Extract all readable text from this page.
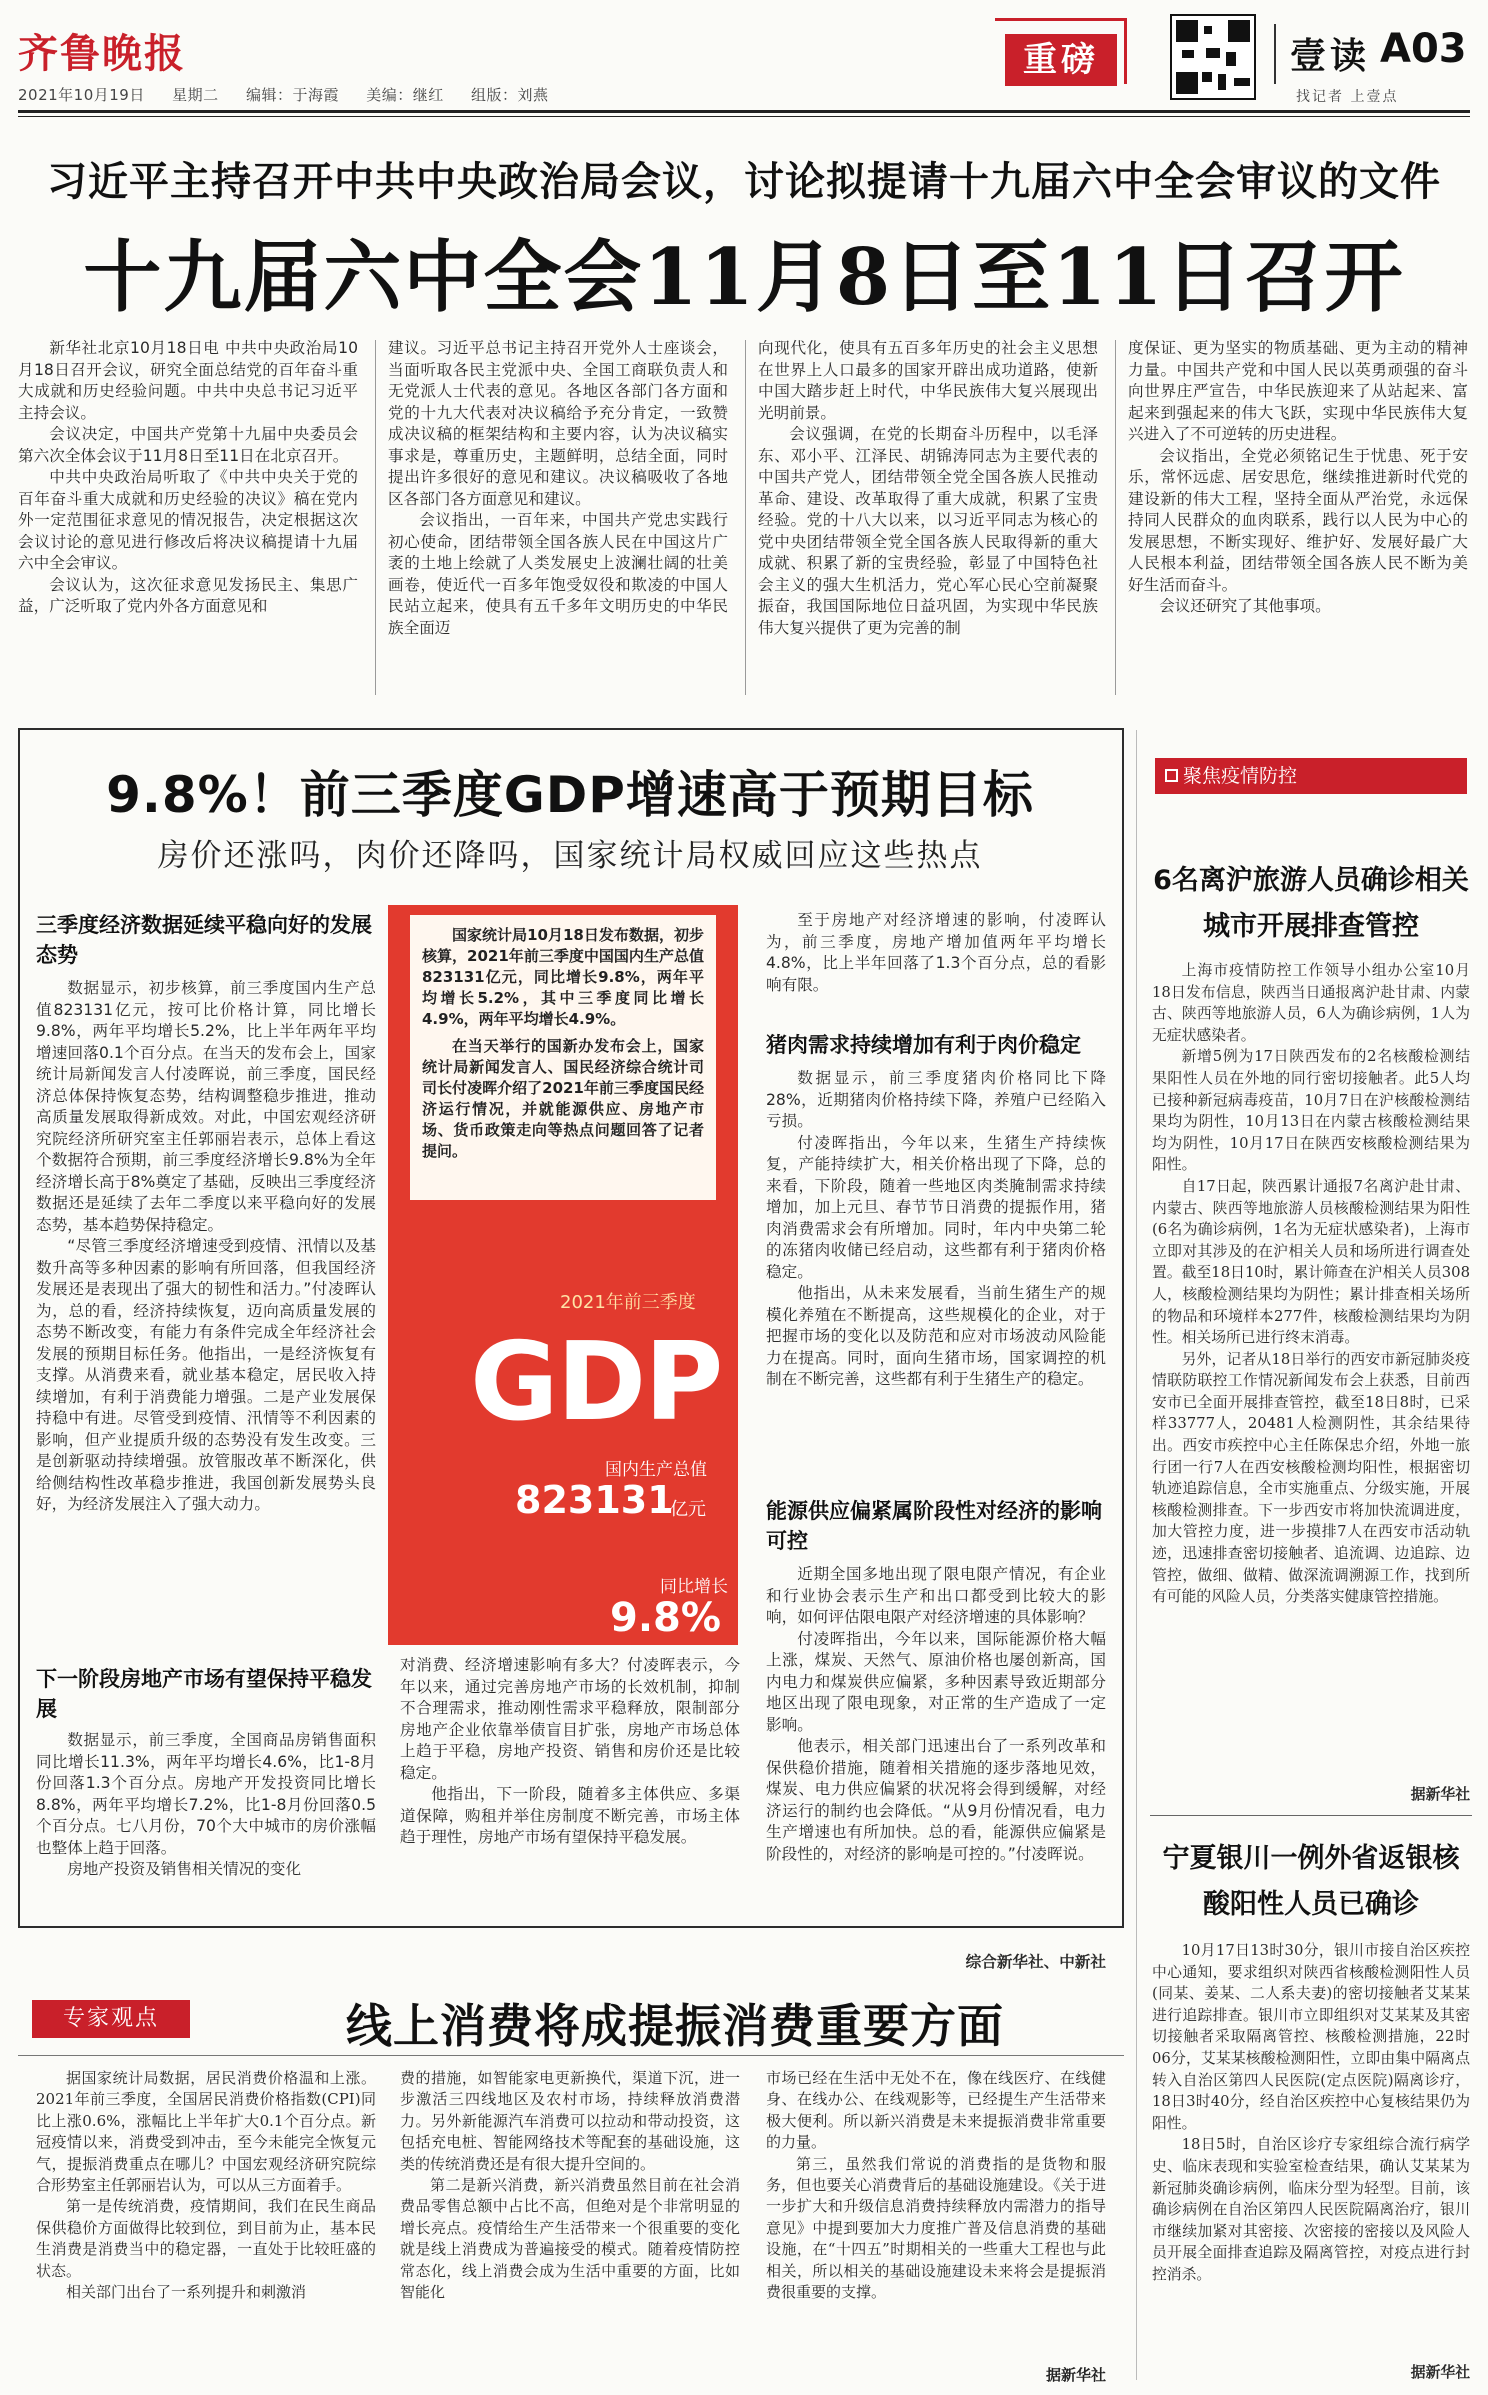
齐鲁晚报
2021年10月19日 星期二 编辑：于海霞 美编：继红 组版：刘燕
重磅	壹读 A03
找记者 上壹点
习近平主持召开中共中央政治局会议，讨论拟提请十九届六中全会审议的文件
十九届六中全会11月8日至11日召开

新华社北京10月18日电 中共中央政治局10月18日召开会议，研究全面总结党的百年奋斗重大成就和历史经验问题。中共中央总书记习近平主持会议。

会议决定，中国共产党第十九届中央委员会第六次全体会议于11月8日至11日在北京召开。

中共中央政治局听取了《中共中央关于党的百年奋斗重大成就和历史经验的决议》稿在党内外一定范围征求意见的情况报告，决定根据这次会议讨论的意见进行修改后将决议稿提请十九届六中全会审议。

会议认为，这次征求意见发扬民主、集思广益，广泛听取了党内外各方面意见和

建议。习近平总书记主持召开党外人士座谈会，当面听取各民主党派中央、全国工商联负责人和无党派人士代表的意见。各地区各部门各方面和党的十九大代表对决议稿给予充分肯定，一致赞成决议稿的框架结构和主要内容，认为决议稿实事求是，尊重历史，主题鲜明，总结全面，同时提出许多很好的意见和建议。决议稿吸收了各地区各部门各方面意见和建议。

会议指出，一百年来，中国共产党忠实践行初心使命，团结带领全国各族人民在中国这片广袤的土地上绘就了人类发展史上波澜壮阔的壮美画卷，使近代一百多年饱受奴役和欺凌的中国人民站立起来，使具有五千多年文明历史的中华民族全面迈

向现代化，使具有五百多年历史的社会主义思想在世界上人口最多的国家开辟出成功道路，使新中国大踏步赶上时代，中华民族伟大复兴展现出光明前景。

会议强调，在党的长期奋斗历程中，以毛泽东、邓小平、江泽民、胡锦涛同志为主要代表的中国共产党人，团结带领全党全国各族人民推动革命、建设、改革取得了重大成就，积累了宝贵经验。党的十八大以来，以习近平同志为核心的党中央团结带领全党全国各族人民取得新的重大成就、积累了新的宝贵经验，彰显了中国特色社会主义的强大生机活力，党心军心民心空前凝聚振奋，我国国际地位日益巩固，为实现中华民族伟大复兴提供了更为完善的制

度保证、更为坚实的物质基础、更为主动的精神力量。中国共产党和中国人民以英勇顽强的奋斗向世界庄严宣告，中华民族迎来了从站起来、富起来到强起来的伟大飞跃，实现中华民族伟大复兴进入了不可逆转的历史进程。

会议指出，全党必须铭记生于忧患、死于安乐，常怀远虑、居安思危，继续推进新时代党的建设新的伟大工程，坚持全面从严治党，永远保持同人民群众的血肉联系，践行以人民为中心的发展思想，不断实现好、维护好、发展好最广大人民根本利益，团结带领全国各族人民不断为美好生活而奋斗。

会议还研究了其他事项。

9.8%！前三季度GDP增速高于预期目标
房价还涨吗，肉价还降吗，国家统计局权威回应这些热点
三季度经济数据延续平稳向好的发展态势

数据显示，初步核算，前三季度国内生产总值823131亿元，按可比价格计算，同比增长9.8%，两年平均增长5.2%，比上半年两年平均增速回落0.1个百分点。在当天的发布会上，国家统计局新闻发言人付凌晖说，前三季度，国民经济总体保持恢复态势，结构调整稳步推进，推动高质量发展取得新成效。对此，中国宏观经济研究院经济所研究室主任郭丽岩表示，总体上看这个数据符合预期，前三季度经济增长9.8%为全年经济增长高于8%奠定了基础，反映出三季度经济数据还是延续了去年二季度以来平稳向好的发展态势，基本趋势保持稳定。

“尽管三季度经济增速受到疫情、汛情以及基数升高等多种因素的影响有所回落，但我国经济发展还是表现出了强大的韧性和活力。”付凌晖认为，总的看，经济持续恢复，迈向高质量发展的态势不断改变，有能力有条件完成全年经济社会发展的预期目标任务。他指出，一是经济恢复有支撑。从消费来看，就业基本稳定，居民收入持续增加，有利于消费能力增强。二是产业发展保持稳中有进。尽管受到疫情、汛情等不利因素的影响，但产业提质升级的态势没有发生改变。三是创新驱动持续增强。放管服改革不断深化，供给侧结构性改革稳步推进，我国创新发展势头良好，为经济发展注入了强大动力。

下一阶段房地产市场有望保持平稳发展

数据显示，前三季度，全国商品房销售面积同比增长11.3%，两年平均增长4.6%，比1-8月份回落1.3个百分点。房地产开发投资同比增长8.8%，两年平均增长7.2%，比1-8月份回落0.5个百分点。七八月份，70个大中城市的房价涨幅也整体上趋于回落。

房地产投资及销售相关情况的变化

国家统计局10月18日发布数据，初步核算，2021年前三季度中国国内生产总值823131亿元，同比增长9.8%，两年平均增长5.2%，其中三季度同比增长4.9%，两年平均增长4.9%。

在当天举行的国新办发布会上，国家统计局新闻发言人、国民经济综合统计司司长付凌晖介绍了2021年前三季度国民经济运行情况，并就能源供应、房地产市场、货币政策走向等热点问题回答了记者提问。

2021年前三季度
GDP
国内生产总值
823131
亿元
同比增长
9.8%

对消费、经济增速影响有多大？付凌晖表示，今年以来，通过完善房地产市场的长效机制，抑制不合理需求，推动刚性需求平稳释放，限制部分房地产企业依靠举债盲目扩张，房地产市场总体上趋于平稳，房地产投资、销售和房价还是比较稳定。

他指出，下一阶段，随着多主体供应、多渠道保障，购租并举住房制度不断完善，市场主体趋于理性，房地产市场有望保持平稳发展。

至于房地产对经济增速的影响，付凌晖认为，前三季度，房地产增加值两年平均增长4.8%，比上半年回落了1.3个百分点，总的看影响有限。

猪肉需求持续增加有利于肉价稳定

数据显示，前三季度猪肉价格同比下降28%，近期猪肉价格持续下降，养殖户已经陷入亏损。

付凌晖指出，今年以来，生猪生产持续恢复，产能持续扩大，相关价格出现了下降，总的来看，下阶段，随着一些地区肉类腌制需求持续增加，加上元旦、春节节日消费的提振作用，猪肉消费需求会有所增加。同时，年内中央第二轮的冻猪肉收储已经启动，这些都有利于猪肉价格稳定。

他指出，从未来发展看，当前生猪生产的规模化养殖在不断提高，这些规模化的企业，对于把握市场的变化以及防范和应对市场波动风险能力在提高。同时，面向生猪市场，国家调控的机制在不断完善，这些都有利于生猪生产的稳定。

能源供应偏紧属阶段性对经济的影响可控

近期全国多地出现了限电限产情况，有企业和行业协会表示生产和出口都受到比较大的影响，如何评估限电限产对经济增速的具体影响？

付凌晖指出，今年以来，国际能源价格大幅上涨，煤炭、天然气、原油价格也屡创新高，国内电力和煤炭供应偏紧，多种因素导致近期部分地区出现了限电现象，对正常的生产造成了一定影响。

他表示，相关部门迅速出台了一系列改革和保供稳价措施，随着相关措施的逐步落地见效，煤炭、电力供应偏紧的状况将会得到缓解，对经济运行的制约也会降低。“从9月份情况看，电力生产增速也有所加快。总的看，能源供应偏紧是阶段性的，对经济的影响是可控的。”付凌晖说。

综合新华社、中新社
聚焦疫情防控
6名离沪旅游人员确诊相关城市开展排查管控

上海市疫情防控工作领导小组办公室10月18日发布信息，陕西当日通报离沪赴甘肃、内蒙古、陕西等地旅游人员，6人为确诊病例，1人为无症状感染者。

新增5例为17日陕西发布的2名核酸检测结果阳性人员在外地的同行密切接触者。此5人均已接种新冠病毒疫苗，10月7日在沪核酸检测结果均为阴性，10月13日在内蒙古核酸检测结果均为阴性，10月17日在陕西安核酸检测结果为阳性。

自17日起，陕西累计通报7名离沪赴甘肃、内蒙古、陕西等地旅游人员核酸检测结果为阳性(6名为确诊病例，1名为无症状感染者)，上海市立即对其涉及的在沪相关人员和场所进行调查处置。截至18日10时，累计筛查在沪相关人员308人，核酸检测结果均为阴性；累计排查相关场所的物品和环境样本277件，核酸检测结果均为阴性。相关场所已进行终末消毒。

另外，记者从18日举行的西安市新冠肺炎疫情联防联控工作情况新闻发布会上获悉，目前西安市已全面开展排查管控，截至18日8时，已采样33777人，20481人检测阴性，其余结果待出。西安市疾控中心主任陈保忠介绍，外地一旅行团一行7人在西安核酸检测均阳性，根据密切轨迹追踪信息，全市实施重点、分级实施，开展核酸检测排查。下一步西安市将加快流调进度，加大管控力度，进一步摸排7人在西安市活动轨迹，迅速排查密切接触者、追流调、边追踪、边管控，做细、做精、做深流调溯源工作，找到所有可能的风险人员，分类落实健康管控措施。

据新华社
宁夏银川一例外省返银核酸阳性人员已确诊

10月17日13时30分，银川市接自治区疾控中心通知，要求组织对陕西省核酸检测阳性人员(同某、姜某、二人系夫妻)的密切接触者艾某某进行追踪排查。银川市立即组织对艾某某及其密切接触者采取隔离管控、核酸检测措施，22时06分，艾某某核酸检测阳性，立即由集中隔离点转入自治区第四人民医院(定点医院)隔离诊疗，18日3时40分，经自治区疾控中心复核结果仍为阳性。

18日5时，自治区诊疗专家组综合流行病学史、临床表现和实验室检查结果，确认艾某某为新冠肺炎确诊病例，临床分型为轻型。目前，该确诊病例在自治区第四人民医院隔离治疗，银川市继续加紧对其密接、次密接的密接以及风险人员开展全面排查追踪及隔离管控，对疫点进行封控消杀。

据新华社
专家观点	线上消费将成提振消费重要方面

据国家统计局数据，居民消费价格温和上涨。2021年前三季度，全国居民消费价格指数(CPI)同比上涨0.6%，涨幅比上半年扩大0.1个百分点。新冠疫情以来，消费受到冲击，至今未能完全恢复元气，提振消费重点在哪儿？中国宏观经济研究院综合形势室主任郭丽岩认为，可以从三方面着手。

第一是传统消费，疫情期间，我们在民生商品保供稳价方面做得比较到位，到目前为止，基本民生消费是消费当中的稳定器，一直处于比较旺盛的状态。

相关部门出台了一系列提升和刺激消

费的措施，如智能家电更新换代，渠道下沉，进一步激活三四线地区及农村市场，持续释放消费潜力。另外新能源汽车消费可以拉动和带动投资，这包括充电桩、智能网络技术等配套的基础设施，这类的传统消费还是有很大提升空间的。

第二是新兴消费，新兴消费虽然目前在社会消费品零售总额中占比不高，但绝对是个非常明显的增长亮点。疫情给生产生活带来一个很重要的变化就是线上消费成为普遍接受的模式。随着疫情防控常态化，线上消费会成为生活中重要的方面，比如智能化

市场已经在生活中无处不在，像在线医疗、在线健身、在线办公、在线观影等，已经提生产生活带来极大便利。所以新兴消费是未来提振消费非常重要的力量。

第三，虽然我们常说的消费指的是货物和服务，但也要关心消费背后的基础设施建设。《关于进一步扩大和升级信息消费持续释放内需潜力的指导意见》中提到要加大力度推广普及信息消费的基础设施，在“十四五”时期相关的一些重大工程也与此相关，所以相关的基础设施建设未来将会是提振消费很重要的支撑。

据新华社
